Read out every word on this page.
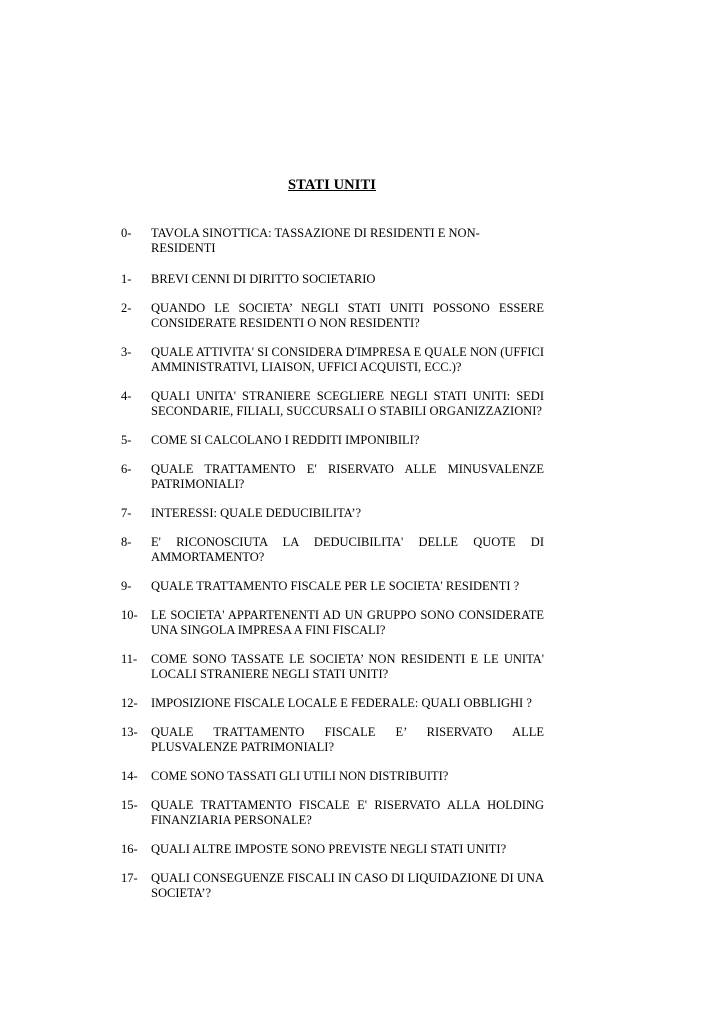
STATI UNITI
0- TAVOLA SINOTTICA: TASSAZIONE DI RESIDENTI E NON-RESIDENTI
1- BREVI CENNI DI DIRITTO SOCIETARIO
2- QUANDO LE SOCIETA’ NEGLI STATI UNITI POSSONO ESSERE CONSIDERATE RESIDENTI O NON RESIDENTI?
3- QUALE ATTIVITA' SI CONSIDERA D'IMPRESA E QUALE NON (UFFICI AMMINISTRATIVI, LIAISON, UFFICI ACQUISTI, ECC.)?
4- QUALI UNITA' STRANIERE SCEGLIERE NEGLI STATI UNITI: SEDI SECONDARIE, FILIALI, SUCCURSALI O STABILI ORGANIZZAZIONI?
5- COME SI CALCOLANO I REDDITI IMPONIBILI?
6- QUALE TRATTAMENTO E' RISERVATO ALLE MINUSVALENZE PATRIMONIALI?
7- INTERESSI: QUALE DEDUCIBILITA’?
8- E' RICONOSCIUTA LA DEDUCIBILITA' DELLE QUOTE DI AMMORTAMENTO?
9- QUALE TRATTAMENTO FISCALE PER LE SOCIETA' RESIDENTI ?
10- LE SOCIETA' APPARTENENTI AD UN GRUPPO SONO CONSIDERATE UNA SINGOLA IMPRESA A FINI FISCALI?
11- COME SONO TASSATE LE SOCIETA’ NON RESIDENTI E LE UNITA' LOCALI STRANIERE NEGLI STATI UNITI?
12- IMPOSIZIONE FISCALE LOCALE E FEDERALE: QUALI OBBLIGHI ?
13- QUALE TRATTAMENTO FISCALE E’ RISERVATO ALLE PLUSVALENZE PATRIMONIALI?
14- COME SONO TASSATI GLI UTILI NON DISTRIBUITI?
15- QUALE TRATTAMENTO FISCALE E' RISERVATO ALLA HOLDING FINANZIARIA PERSONALE?
16- QUALI ALTRE IMPOSTE SONO PREVISTE NEGLI STATI UNITI?
17- QUALI CONSEGUENZE FISCALI IN CASO DI LIQUIDAZIONE DI UNA SOCIETA’?
